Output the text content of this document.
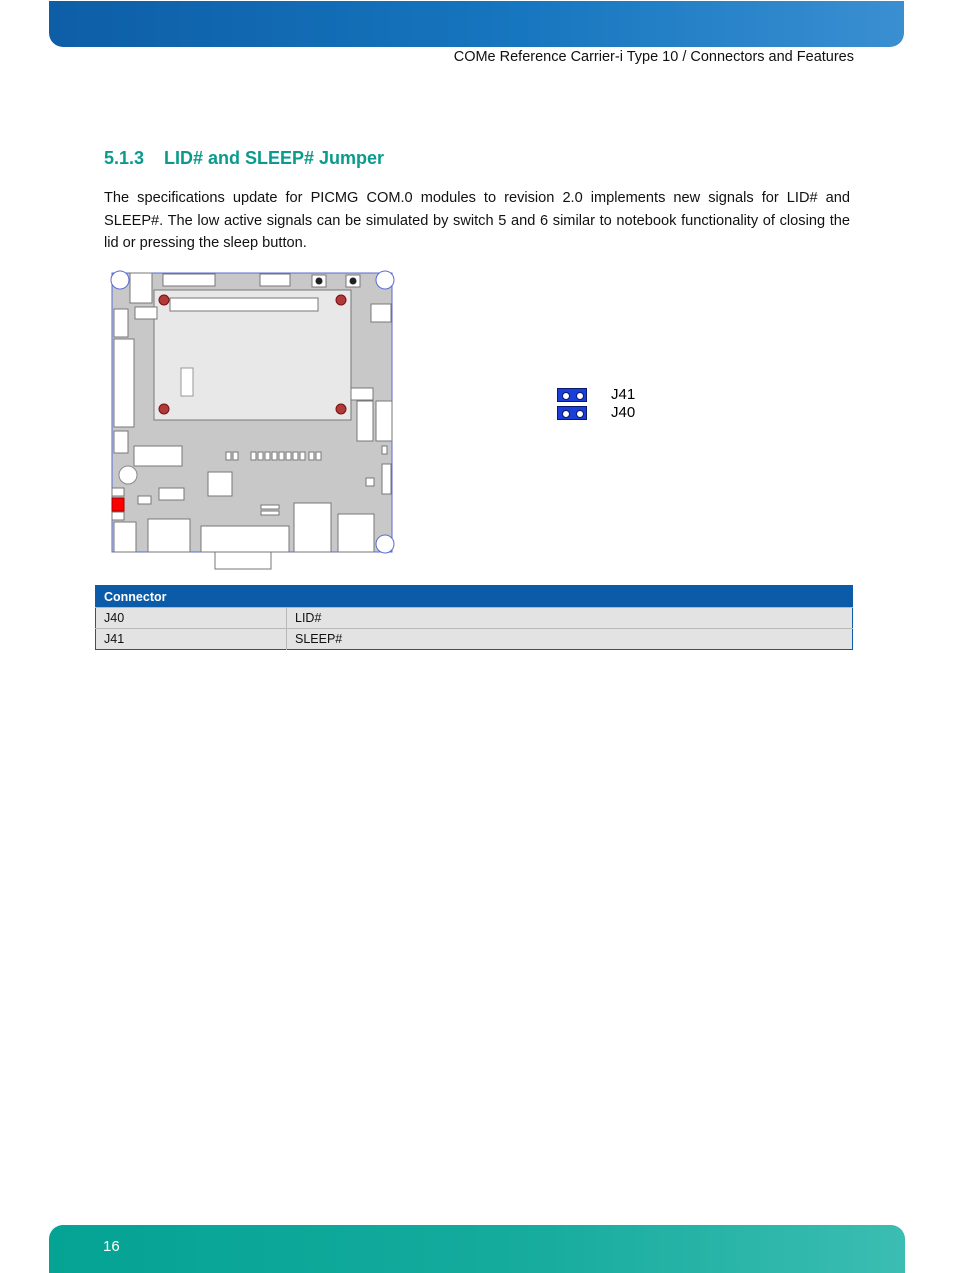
COMe Reference Carrier-i Type 10 / Connectors and Features
5.1.3 LID# and SLEEP# Jumper

The specifications update for PICMG COM.0 modules to revision 2.0 implements new signals for LID# and SLEEP#. The low active signals can be simulated by switch 5 and 6 similar to notebook functionality of closing the lid or pressing the sleep button.

J41
J40
Connector	
J40	LID#
J41	SLEEP#
16
